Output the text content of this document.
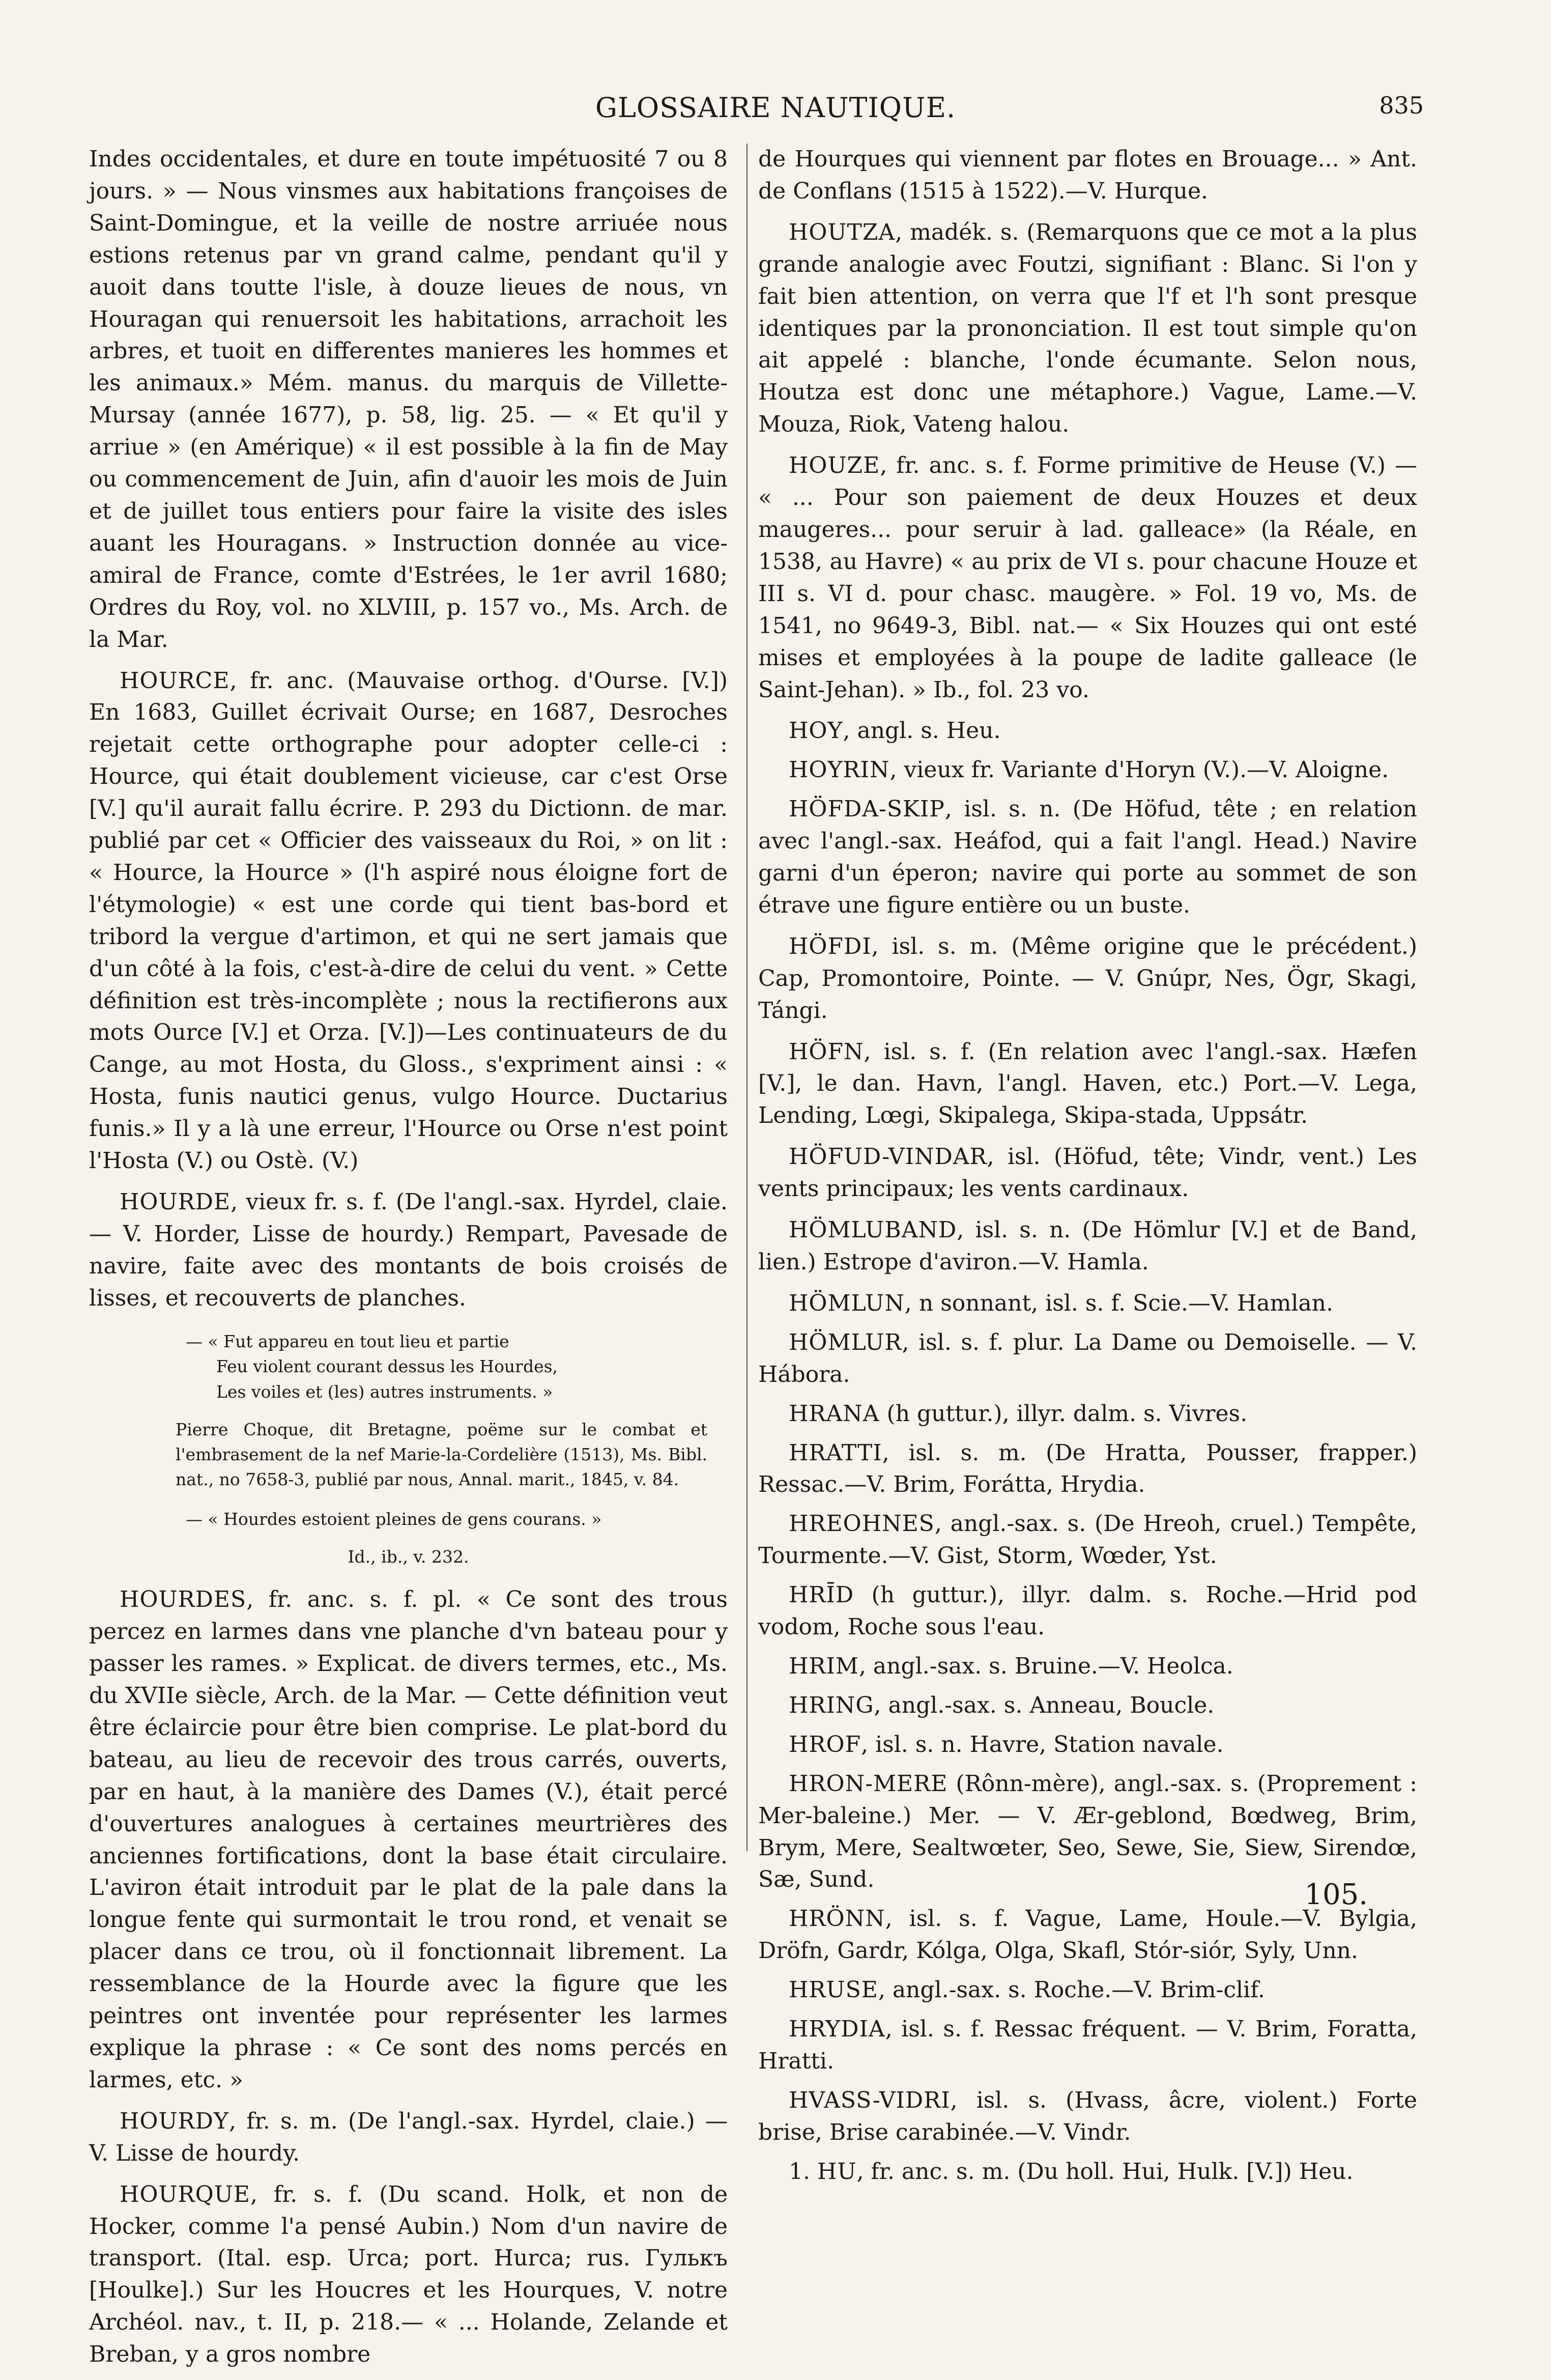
GLOSSAIRE NAUTIQUE.	835

Indes occidentales, et dure en toute impétuosité 7 ou 8 jours. » — Nous vinsmes aux habitations françoises de Saint-Domingue, et la veille de nostre arriuée nous estions retenus par vn grand calme, pendant qu'il y auoit dans toutte l'isle, à douze lieues de nous, vn Houragan qui renuersoit les habitations, arrachoit les arbres, et tuoit en differentes manieres les hommes et les animaux.» Mém. manus. du marquis de Villette-Mursay (année 1677), p. 58, lig. 25. — « Et qu'il y arriue » (en Amérique) « il est possible à la fin de May ou commencement de Juin, afin d'auoir les mois de Juin et de juillet tous entiers pour faire la visite des isles auant les Houragans. » Instruction donnée au vice-amiral de France, comte d'Estrées, le 1er avril 1680; Ordres du Roy, vol. no XLVIII, p. 157 vo., Ms. Arch. de la Mar.

HOURCE, fr. anc. (Mauvaise orthog. d'Ourse. [V.]) En 1683, Guillet écrivait Ourse; en 1687, Desroches rejetait cette orthographe pour adopter celle-ci : Hource, qui était doublement vicieuse, car c'est Orse [V.] qu'il aurait fallu écrire. P. 293 du Dictionn. de mar. publié par cet « Officier des vaisseaux du Roi, » on lit : « Hource, la Hource » (l'h aspiré nous éloigne fort de l'étymologie) « est une corde qui tient bas-bord et tribord la vergue d'artimon, et qui ne sert jamais que d'un côté à la fois, c'est-à-dire de celui du vent. » Cette définition est très-incomplète ; nous la rectifierons aux mots Ource [V.] et Orza. [V.])—Les continuateurs de du Cange, au mot Hosta, du Gloss., s'expriment ainsi : « Hosta, funis nautici genus, vulgo Hource. Ductarius funis.» Il y a là une erreur, l'Hource ou Orse n'est point l'Hosta (V.) ou Ostè. (V.)

HOURDE, vieux fr. s. f. (De l'angl.-sax. Hyrdel, claie.— V. Horder, Lisse de hourdy.) Rempart, Pavesade de navire, faite avec des montants de bois croisés de lisses, et recouverts de planches.

— « Fut appareu en tout lieu et partie
Feu violent courant dessus les Hourdes,
Les voiles et (les) autres instruments. »

Pierre Choque, dit Bretagne, poëme sur le combat et l'embrasement de la nef Marie-la-Cordelière (1513), Ms. Bibl. nat., no 7658-3, publié par nous, Annal. marit., 1845, v. 84.

— « Hourdes estoient pleines de gens courans. »
Id., ib., v. 232.

HOURDES, fr. anc. s. f. pl. « Ce sont des trous percez en larmes dans vne planche d'vn bateau pour y passer les rames. » Explicat. de divers termes, etc., Ms. du XVIIe siècle, Arch. de la Mar. — Cette définition veut être éclaircie pour être bien comprise. Le plat-bord du bateau, au lieu de recevoir des trous carrés, ouverts, par en haut, à la manière des Dames (V.), était percé d'ouvertures analogues à certaines meurtrières des anciennes fortifications, dont la base était circulaire. L'aviron était introduit par le plat de la pale dans la longue fente qui surmontait le trou rond, et venait se placer dans ce trou, où il fonctionnait librement. La ressemblance de la Hourde avec la figure que les peintres ont inventée pour représenter les larmes explique la phrase : « Ce sont des noms percés en larmes, etc. »

HOURDY, fr. s. m. (De l'angl.-sax. Hyrdel, claie.) — V. Lisse de hourdy.

HOURQUE, fr. s. f. (Du scand. Holk, et non de Hocker, comme l'a pensé Aubin.) Nom d'un navire de transport. (Ital. esp. Urca; port. Hurca; rus. Гулькъ [Houlke].) Sur les Houcres et les Hourques, V. notre Archéol. nav., t. II, p. 218.— « ... Holande, Zelande et Breban, y a gros nombre

de Hourques qui viennent par flotes en Brouage... » Ant. de Conflans (1515 à 1522).—V. Hurque.

HOUTZA, madék. s. (Remarquons que ce mot a la plus grande analogie avec Foutzi, signifiant : Blanc. Si l'on y fait bien attention, on verra que l'f et l'h sont presque identiques par la prononciation. Il est tout simple qu'on ait appelé : blanche, l'onde écumante. Selon nous, Houtza est donc une métaphore.) Vague, Lame.—V. Mouza, Riok, Vateng halou.

HOUZE, fr. anc. s. f. Forme primitive de Heuse (V.) — « ... Pour son paiement de deux Houzes et deux maugeres... pour seruir à lad. galleace» (la Réale, en 1538, au Havre) « au prix de VI s. pour chacune Houze et III s. VI d. pour chasc. maugère. » Fol. 19 vo, Ms. de 1541, no 9649-3, Bibl. nat.— « Six Houzes qui ont esté mises et employées à la poupe de ladite galleace (le Saint-Jehan). » Ib., fol. 23 vo.

HOY, angl. s. Heu.

HOYRIN, vieux fr. Variante d'Horyn (V.).—V. Aloigne.

HÖFDA-SKIP, isl. s. n. (De Höfud, tête ; en relation avec l'angl.-sax. Heáfod, qui a fait l'angl. Head.) Navire garni d'un éperon; navire qui porte au sommet de son étrave une figure entière ou un buste.

HÖFDI, isl. s. m. (Même origine que le précédent.) Cap, Promontoire, Pointe. — V. Gnúpr, Nes, Ögr, Skagi, Tángi.

HÖFN, isl. s. f. (En relation avec l'angl.-sax. Hæfen [V.], le dan. Havn, l'angl. Haven, etc.) Port.—V. Lega, Lending, Lœgi, Skipalega, Skipa-stada, Uppsátr.

HÖFUD-VINDAR, isl. (Höfud, tête; Vindr, vent.) Les vents principaux; les vents cardinaux.

HÖMLUBAND, isl. s. n. (De Hömlur [V.] et de Band, lien.) Estrope d'aviron.—V. Hamla.

HÖMLUN, n sonnant, isl. s. f. Scie.—V. Hamlan.

HÖMLUR, isl. s. f. plur. La Dame ou Demoiselle. — V. Hábora.

HRANA (h guttur.), illyr. dalm. s. Vivres.

HRATTI, isl. s. m. (De Hratta, Pousser, frapper.) Ressac.—V. Brim, Forátta, Hrydia.

HREOHNES, angl.-sax. s. (De Hreoh, cruel.) Tempête, Tourmente.—V. Gist, Storm, Wœder, Yst.

HRĪD (h guttur.), illyr. dalm. s. Roche.—Hrid pod vodom, Roche sous l'eau.

HRIM, angl.-sax. s. Bruine.—V. Heolca.

HRING, angl.-sax. s. Anneau, Boucle.

HROF, isl. s. n. Havre, Station navale.

HRON-MERE (Rônn-mère), angl.-sax. s. (Proprement : Mer-baleine.) Mer. — V. Ær-geblond, Bœdweg, Brim, Brym, Mere, Sealtwœter, Seo, Sewe, Sie, Siew, Sirendœ, Sæ, Sund.

HRÖNN, isl. s. f. Vague, Lame, Houle.—V. Bylgia, Dröfn, Gardr, Kólga, Olga, Skafl, Stór-siór, Syly, Unn.

HRUSE, angl.-sax. s. Roche.—V. Brim-clif.

HRYDIA, isl. s. f. Ressac fréquent. — V. Brim, Foratta, Hratti.

HVASS-VIDRI, isl. s. (Hvass, âcre, violent.) Forte brise, Brise carabinée.—V. Vindr.

1. HU, fr. anc. s. m. (Du holl. Hui, Hulk. [V.]) Heu.

105.
